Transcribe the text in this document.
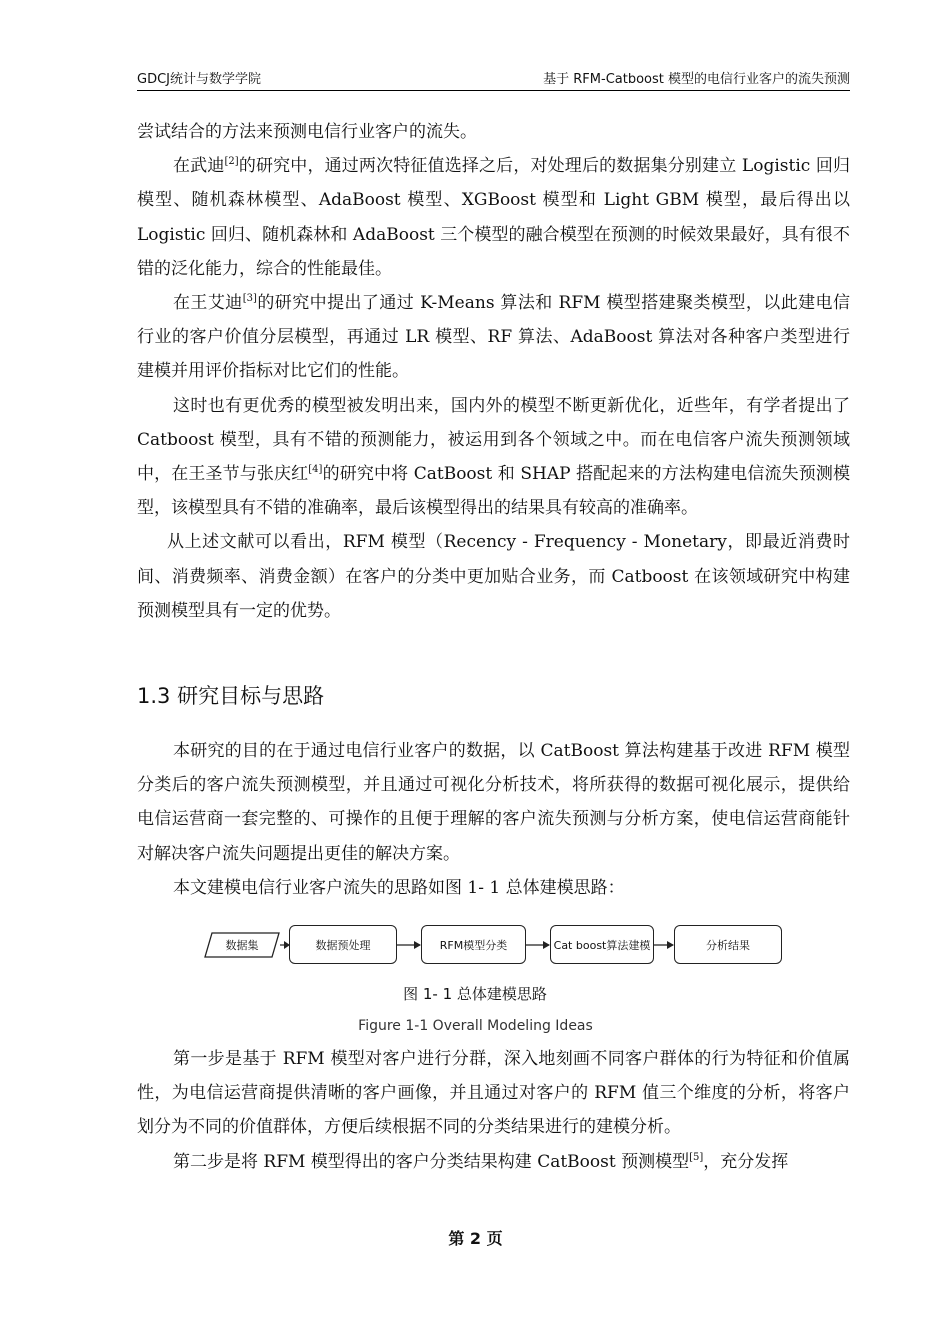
GDCJ统计与数学学院	基于 RFM-Catboost 模型的电信行业客户的流失预测

尝试结合的方法来预测电信行业客户的流失。

在武迪[2]的研究中，通过两次特征值选择之后，对处理后的数据集分别建立 Logistic 回归模型、随机森林模型、AdaBoost 模型、XGBoost 模型和 Light GBM 模型，最后得出以 Logistic 回归、随机森林和 AdaBoost 三个模型的融合模型在预测的时候效果最好，具有很不错的泛化能力，综合的性能最佳。

在王艾迪[3]的研究中提出了通过 K-Means 算法和 RFM 模型搭建聚类模型，以此建电信行业的客户价值分层模型，再通过 LR 模型、RF 算法、AdaBoost 算法对各种客户类型进行建模并用评价指标对比它们的性能。

这时也有更优秀的模型被发明出来，国内外的模型不断更新优化，近些年，有学者提出了 Catboost 模型，具有不错的预测能力，被运用到各个领域之中。而在电信客户流失预测领域中，在王圣节与张庆红[4]的研究中将 CatBoost 和 SHAP 搭配起来的方法构建电信流失预测模型，该模型具有不错的准确率，最后该模型得出的结果具有较高的准确率。

从上述文献可以看出，RFM 模型（Recency - Frequency - Monetary，即最近消费时间、消费频率、消费金额）在客户的分类中更加贴合业务，而 Catboost 在该领域研究中构建预测模型具有一定的优势。

1.3 研究目标与思路

本研究的目的在于通过电信行业客户的数据，以 CatBoost 算法构建基于改进 RFM 模型分类后的客户流失预测模型，并且通过可视化分析技术，将所获得的数据可视化展示，提供给电信运营商一套完整的、可操作的且便于理解的客户流失预测与分析方案，使电信运营商能针对解决客户流失问题提出更佳的解决方案。

本文建模电信行业客户流失的思路如图 1- 1 总体建模思路：

数据集	数据预处理	RFM模型分类	Cat boost算法建模	分析结果
图 1- 1 总体建模思路
Figure 1-1 Overall Modeling Ideas

第一步是基于 RFM 模型对客户进行分群，深入地刻画不同客户群体的行为特征和价值属性，为电信运营商提供清晰的客户画像，并且通过对客户的 RFM 值三个维度的分析，将客户划分为不同的价值群体，方便后续根据不同的分类结果进行的建模分析。

第二步是将 RFM 模型得出的客户分类结果构建 CatBoost 预测模型[5]，充分发挥

第 2 页
